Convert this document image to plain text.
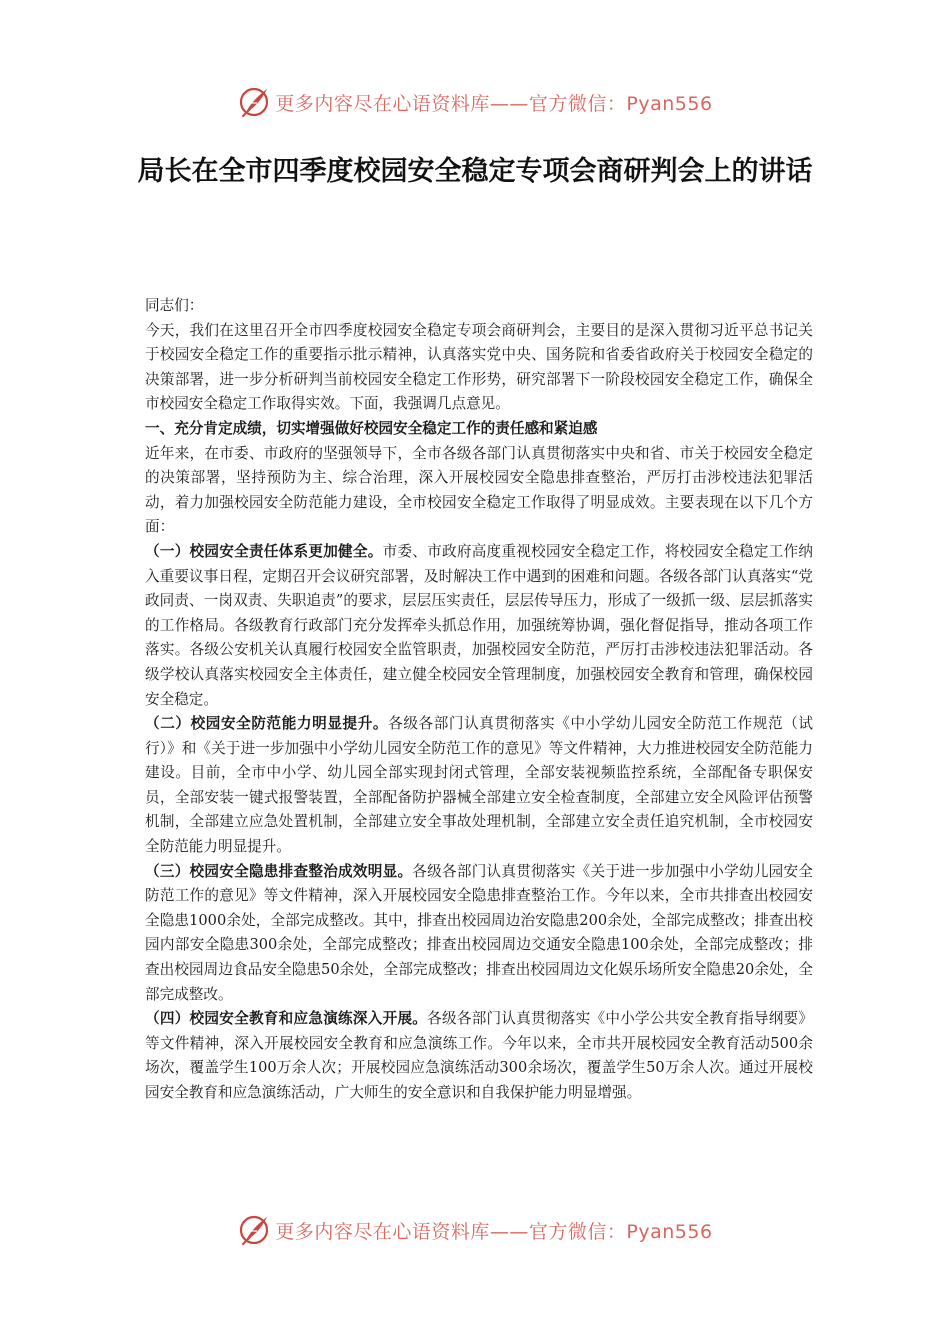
更多内容尽在心语资料库——官方微信：Pyan556
局长在全市四季度校园安全稳定专项会商研判会上的讲话

同志们：

今天，我们在这里召开全市四季度校园安全稳定专项会商研判会，主要目的是深入贯彻习近平总书记关于校园安全稳定工作的重要指示批示精神，认真落实党中央、国务院和省委省政府关于校园安全稳定的决策部署，进一步分析研判当前校园安全稳定工作形势，研究部署下一阶段校园安全稳定工作，确保全市校园安全稳定工作取得实效。下面，我强调几点意见。

一、充分肯定成绩，切实增强做好校园安全稳定工作的责任感和紧迫感

近年来，在市委、市政府的坚强领导下，全市各级各部门认真贯彻落实中央和省、市关于校园安全稳定的决策部署，坚持预防为主、综合治理，深入开展校园安全隐患排查整治，严厉打击涉校违法犯罪活动，着力加强校园安全防范能力建设，全市校园安全稳定工作取得了明显成效。主要表现在以下几个方面：

（一）校园安全责任体系更加健全。市委、市政府高度重视校园安全稳定工作，将校园安全稳定工作纳入重要议事日程，定期召开会议研究部署，及时解决工作中遇到的困难和问题。各级各部门认真落实“党政同责、一岗双责、失职追责”的要求，层层压实责任，层层传导压力，形成了一级抓一级、层层抓落实的工作格局。各级教育行政部门充分发挥牵头抓总作用，加强统筹协调，强化督促指导，推动各项工作落实。各级公安机关认真履行校园安全监管职责，加强校园安全防范，严厉打击涉校违法犯罪活动。各级学校认真落实校园安全主体责任，建立健全校园安全管理制度，加强校园安全教育和管理，确保校园安全稳定。

（二）校园安全防范能力明显提升。各级各部门认真贯彻落实《中小学幼儿园安全防范工作规范（试行）》和《关于进一步加强中小学幼儿园安全防范工作的意见》等文件精神，大力推进校园安全防范能力建设。目前，全市中小学、幼儿园全部实现封闭式管理，全部安装视频监控系统，全部配备专职保安员，全部安装一键式报警装置，全部配备防护器械全部建立安全检查制度，全部建立安全风险评估预警机制，全部建立应急处置机制，全部建立安全事故处理机制，全部建立安全责任追究机制，全市校园安全防范能力明显提升。

（三）校园安全隐患排查整治成效明显。各级各部门认真贯彻落实《关于进一步加强中小学幼儿园安全防范工作的意见》等文件精神，深入开展校园安全隐患排查整治工作。今年以来，全市共排查出校园安全隐患1000余处，全部完成整改。其中，排查出校园周边治安隐患200余处，全部完成整改；排查出校园内部安全隐患300余处，全部完成整改；排查出校园周边交通安全隐患100余处，全部完成整改；排查出校园周边食品安全隐患50余处，全部完成整改；排查出校园周边文化娱乐场所安全隐患20余处，全部完成整改。

（四）校园安全教育和应急演练深入开展。各级各部门认真贯彻落实《中小学公共安全教育指导纲要》等文件精神，深入开展校园安全教育和应急演练工作。今年以来，全市共开展校园安全教育活动500余场次，覆盖学生100万余人次；开展校园应急演练活动300余场次，覆盖学生50万余人次。通过开展校园安全教育和应急演练活动，广大师生的安全意识和自我保护能力明显增强。

更多内容尽在心语资料库——官方微信：Pyan556
